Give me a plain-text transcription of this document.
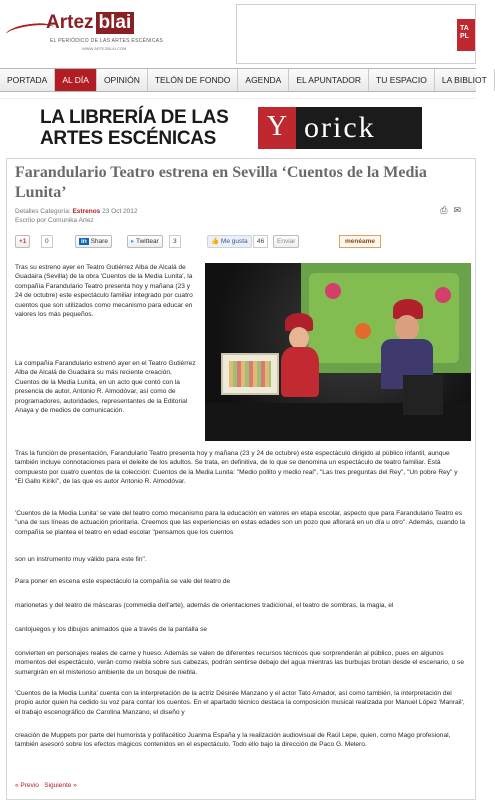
Artez blai
EL PERIÓDICO DE LAS ARTES ESCÉNICAS
WWW.ARTEZBLAI.COM
TA PL
PORTADA	AL DÍA	OPINIÓN	TELÓN DE FONDO	AGENDA	EL APUNTADOR	TU ESPACIO	LA BIBLIOT
LA LIBRERÍA DE LAS ARTES ESCÉNICAS	Y orick
Farandulario Teatro estrena en Sevilla ‘Cuentos de la Media Lunita’
Detalles Categoría: Estrenos 23 Oct 2012
Escrito por Comunika Artez
⎙ ✉
+1	0	in Share	▸ Twittear	3	👍 Me gusta	46	Enviar	menéame

Tras su estreno ayer en Teatro Gutiérrez Alba de Alcalá de Guadaira (Sevilla) de la obra 'Cuentos de la Media Lunita', la compañía Farandulario Teatro presenta hoy y mañana (23 y 24 de octubre) este espectáculo familiar integrado por cuatro cuentos que son utilizados como mecanismo para educar en valores los más pequeños.

La compañía Farandulario estrenó ayer en el Teatro Gutiérrez Alba de Alcalá de Guadaira su más reciente creación, Cuentos de la Media Lunita, en un acto que contó con la presencia de autor, Antonio R. Almodóvar, así como de programadores, autoridades, representantes de la Editorial Anaya y de medios de comunicación.

Tras la función de presentación, Farandulario Teatro presenta hoy y mañana (23 y 24 de octubre) este espectáculo dirigido al público infantil, aunque también incluye connotaciones para el deleite de los adultos. Se trata, en definitiva, de lo que se denomina un espectáculo de teatro familiar. Está compuesto por cuatro cuentos de la colección: Cuentos de la Media Lunita: "Medio pollito y medio real", "Las tres preguntas del Rey", "Un pobre Rey" y "El Gallo Kirikí", de las que es autor Antonio R. Almodóvar.

'Cuentos de la Media Lunita' se vale del teatro como mecanismo para la educación en valores en etapa escolar, aspecto que para Farandulario Teatro es "una de sus líneas de actuación prioritaria. Creemos que las experiencias en estas edades son un pozo que aflorará en un día u otro". Además, cuando la compañía se plantea el teatro en edad escolar "pensamos que los cuentos

son un instrumento muy válido para este fin".

Para poner en escena este espectáculo la compañía se vale del teatro de

marionetas y del teatro de máscaras (commedia dell'arte), además de orientaciones tradicional, el teatro de sombras, la magia, el

cantojuegos y los dibujos animados que a través de la pantalla se

convierten en personajes reales de carne y hueso. Además se valen de diferentes recursos técnicos que sorprenderán al público, pues en algunos momentos del espectáculo, verán como niebla sobre sus cabezas, podrán sentirse debajo del agua mientras las burbujas brotan desde el escenario, o se sumergirán en el misterioso ambiente de un bosque de niebla.

'Cuentos de la Media Lunita' cuenta con la interpretación de la actriz Désirée Manzano y el actor Tato Amador, así como también, la interpretación del propio autor quien ha cedido su voz para contar los cuentos. En el apartado técnico destaca la composición musical realizada por Manuel López 'Manrail', el trabajo escenográfico de Carolina Manzano, el diseño y

creación de Muppets por parte del humorista y polifacético Juanma España y la realización audiovisual de Raúl Lepe, quien, como Mago profesional, también asesoró sobre los efectos mágicos contenidos en el espectáculo. Todo ello bajo la dirección de Paco G. Melero.

« Previo Siguiente »
